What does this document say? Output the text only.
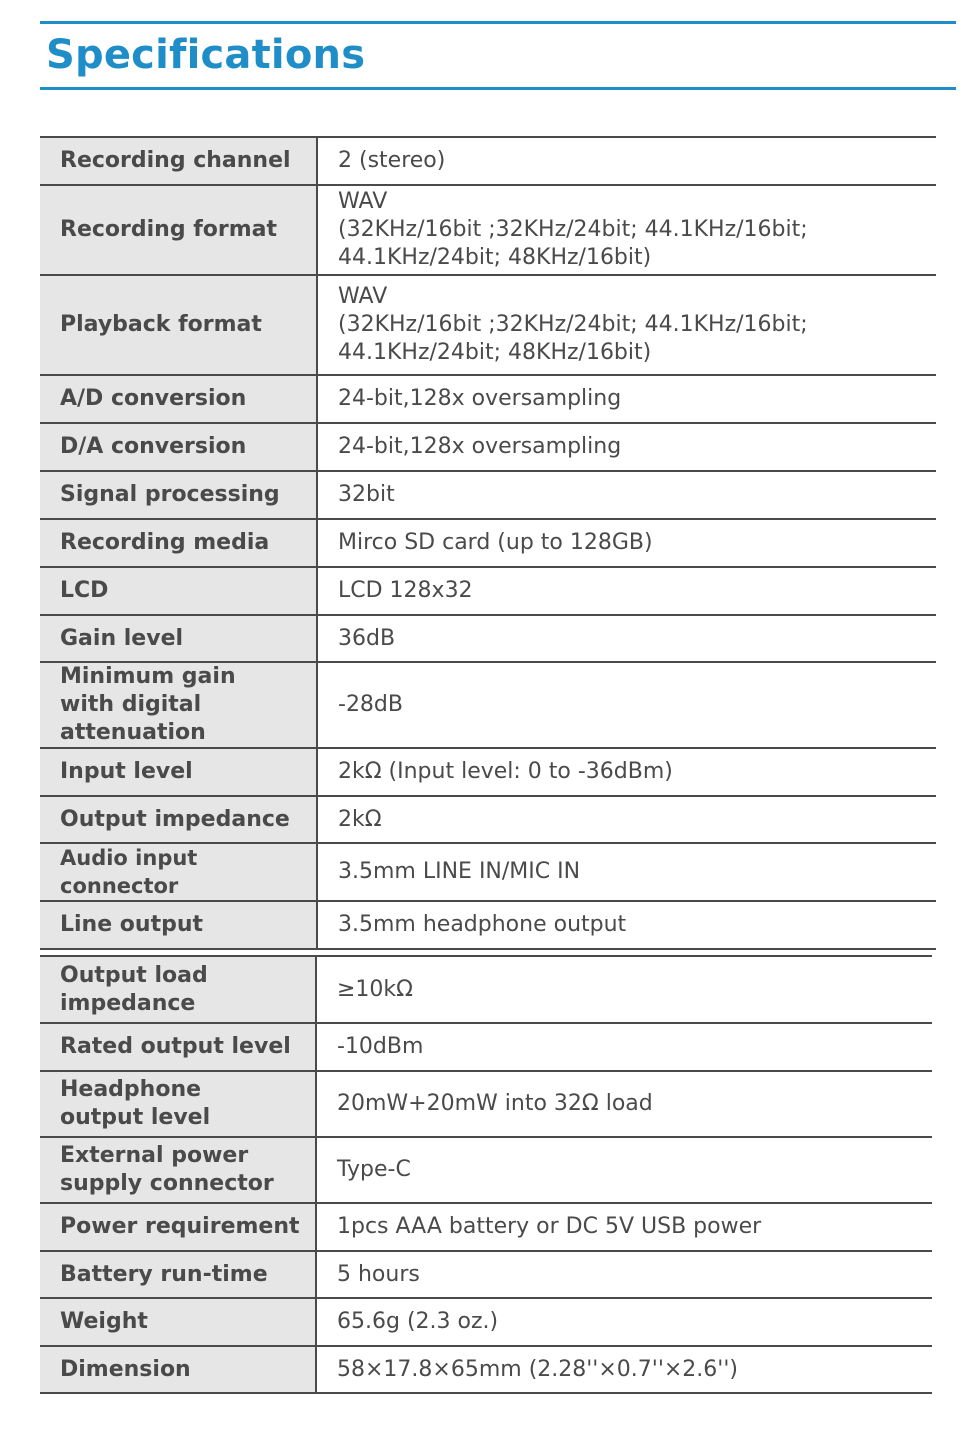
Specifications
Recording channel	2 (stereo)

Recording format	WAV
(32KHz/16bit ;32KHz/24bit; 44.1KHz/16bit;
44.1KHz/24bit; 48KHz/16bit)

Playback format	WAV
(32KHz/16bit ;32KHz/24bit; 44.1KHz/16bit;
44.1KHz/24bit; 48KHz/16bit)

A/D conversion	24-bit,128x oversampling

D/A conversion	24-bit,128x oversampling

Signal processing	32bit

Recording media	Mirco SD card (up to 128GB)

LCD	LCD 128x32

Gain level	36dB

Minimum gain with digital attenuation	-28dB

Input level	2kΩ (Input level: 0 to -36dBm)

Output impedance	2kΩ

Audio input connector	3.5mm LINE IN/MIC IN

Line output	3.5mm headphone output
Output load impedance	≥10kΩ

Rated output level	-10dBm

Headphone output level	20mW+20mW into 32Ω load

External power supply connector	Type-C

Power requirement	1pcs AAA battery or DC 5V USB power

Battery run-time	5 hours

Weight	65.6g (2.3 oz.)

Dimension	58×17.8×65mm (2.28''×0.7''×2.6'')
